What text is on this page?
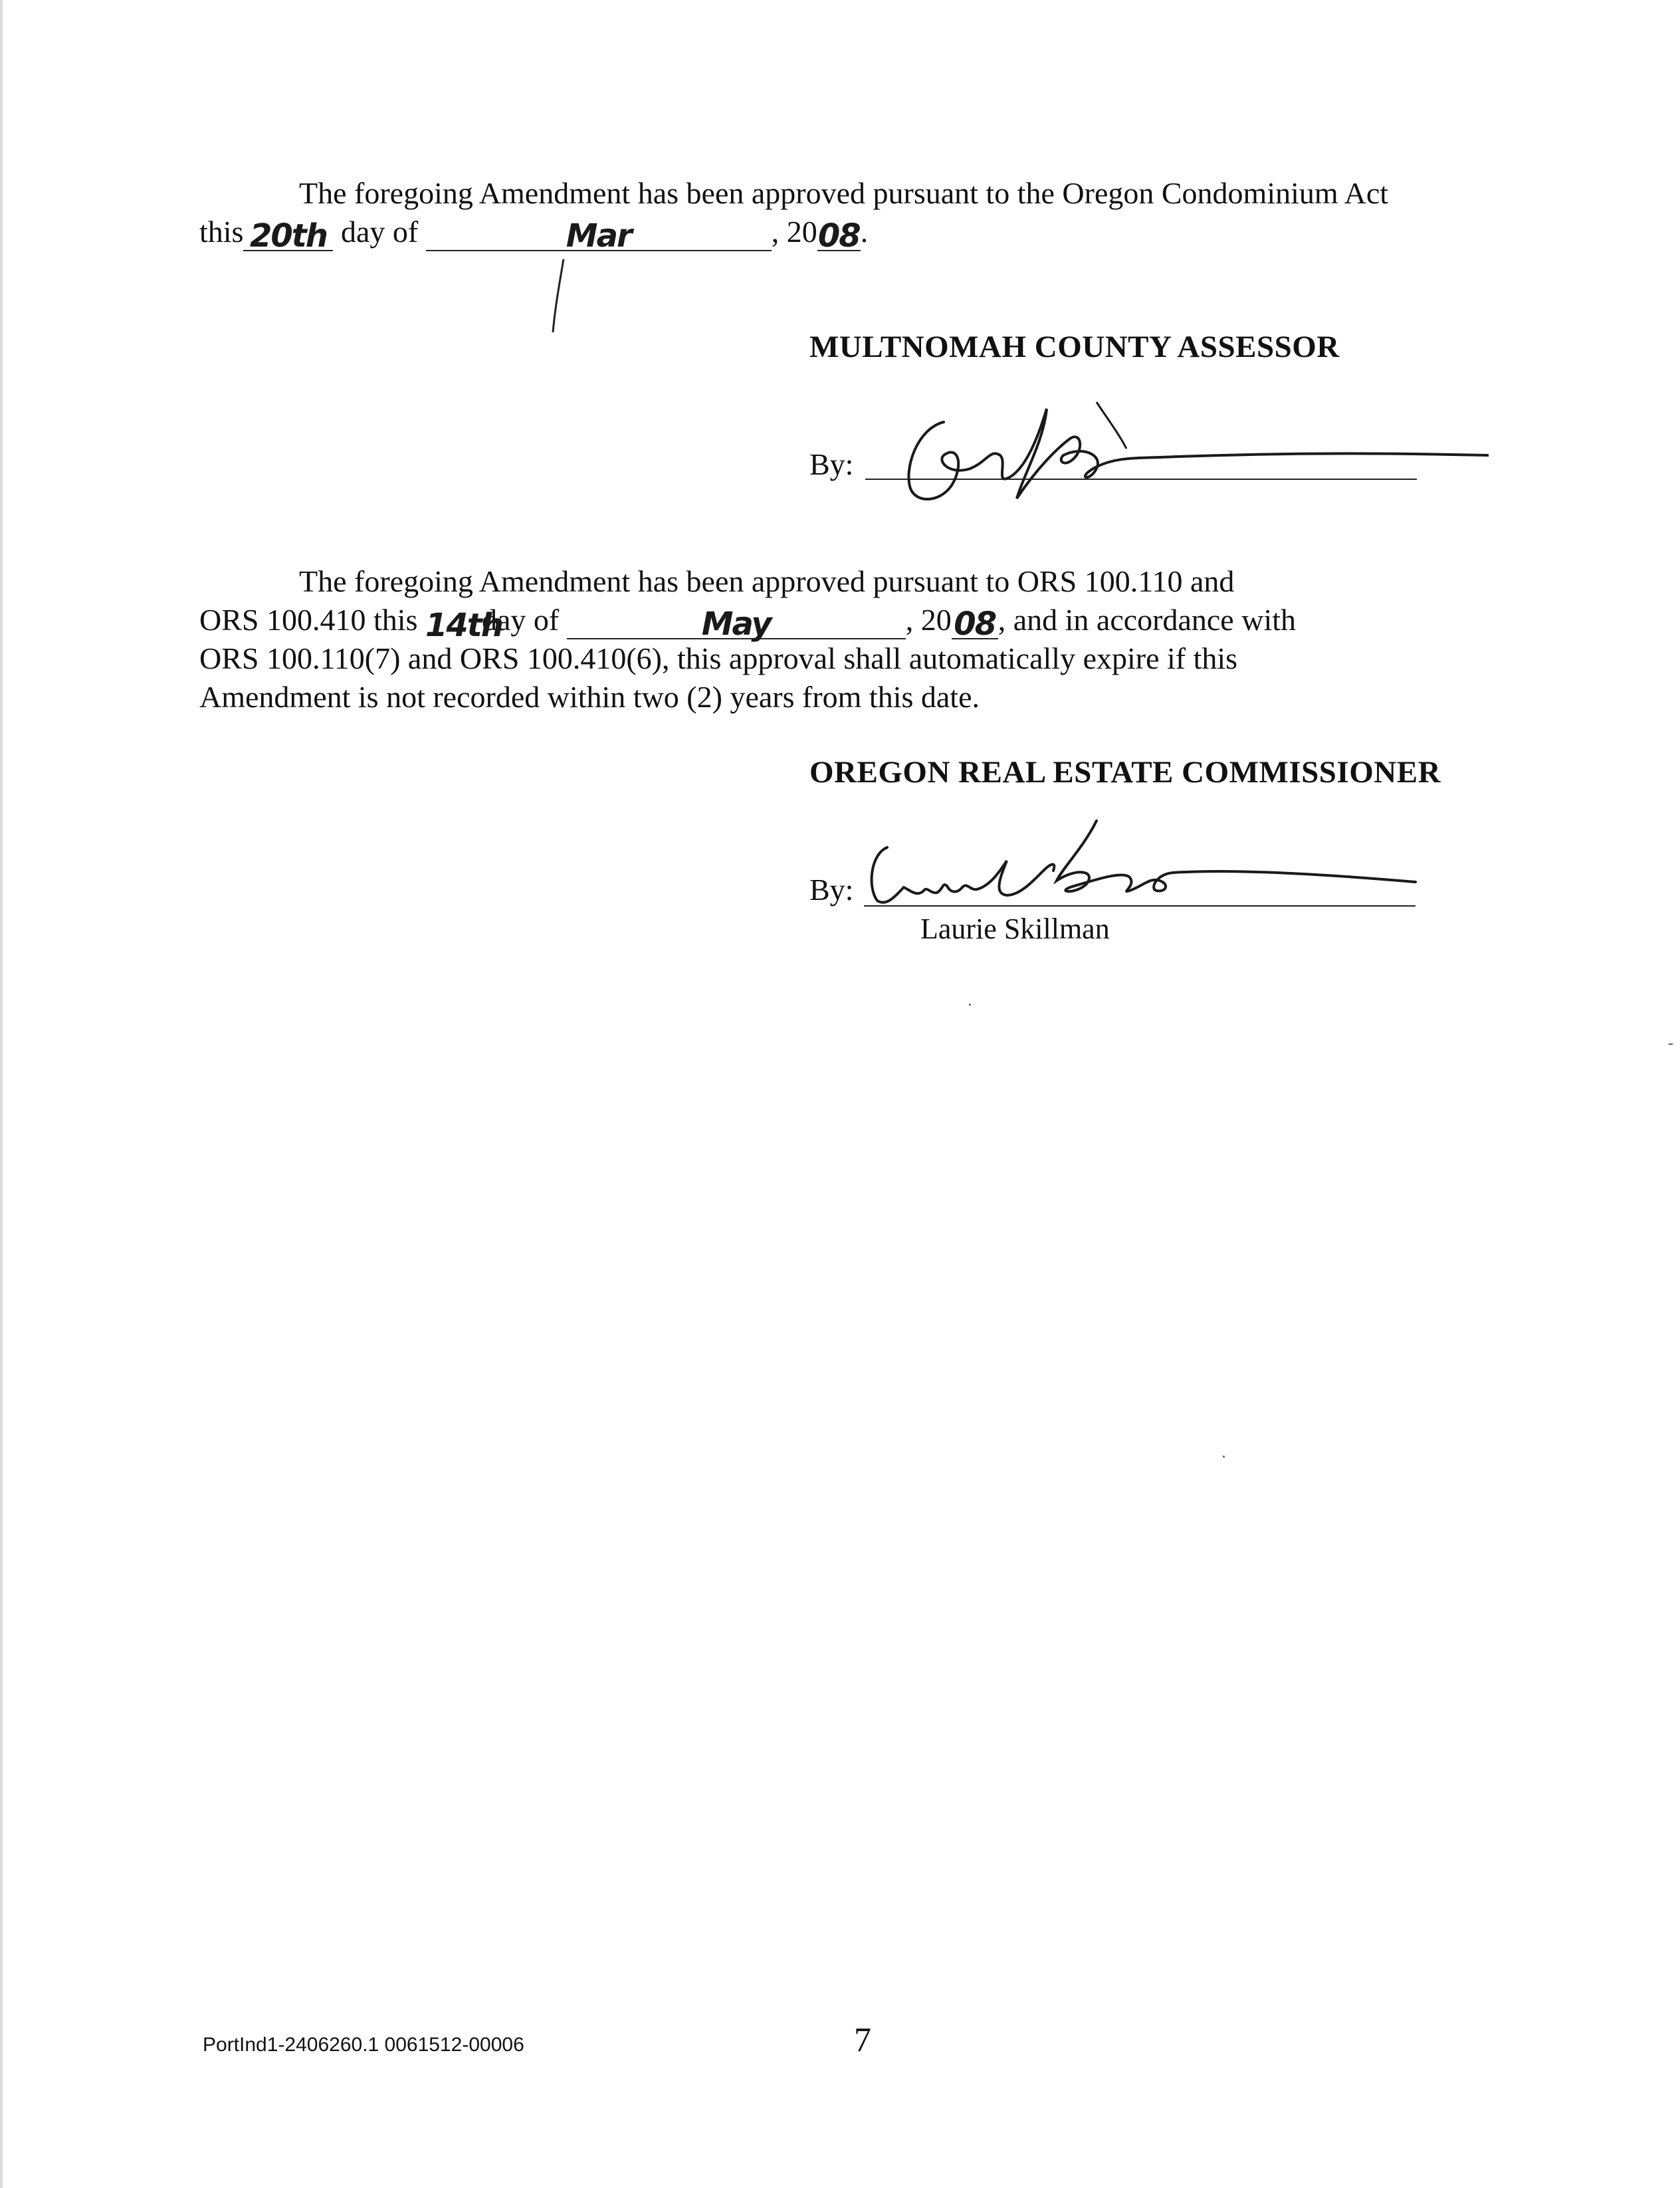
The foregoing Amendment has been approved pursuant to the Oregon Condominium Act
this 20th day of	Mar	, 2008.

MULTNOMAH COUNTY ASSESSOR
By:

The foregoing Amendment has been approved pursuant to ORS 100.110 and
ORS 100.410 this 14thday of	May	, 2008, and in accordance with
ORS 100.110(7) and ORS 100.410(6), this approval shall automatically expire if this
Amendment is not recorded within two (2) years from this date.

OREGON REAL ESTATE COMMISSIONER
By:
Laurie Skillman
PortInd1-2406260.1 0061512-00006	7
